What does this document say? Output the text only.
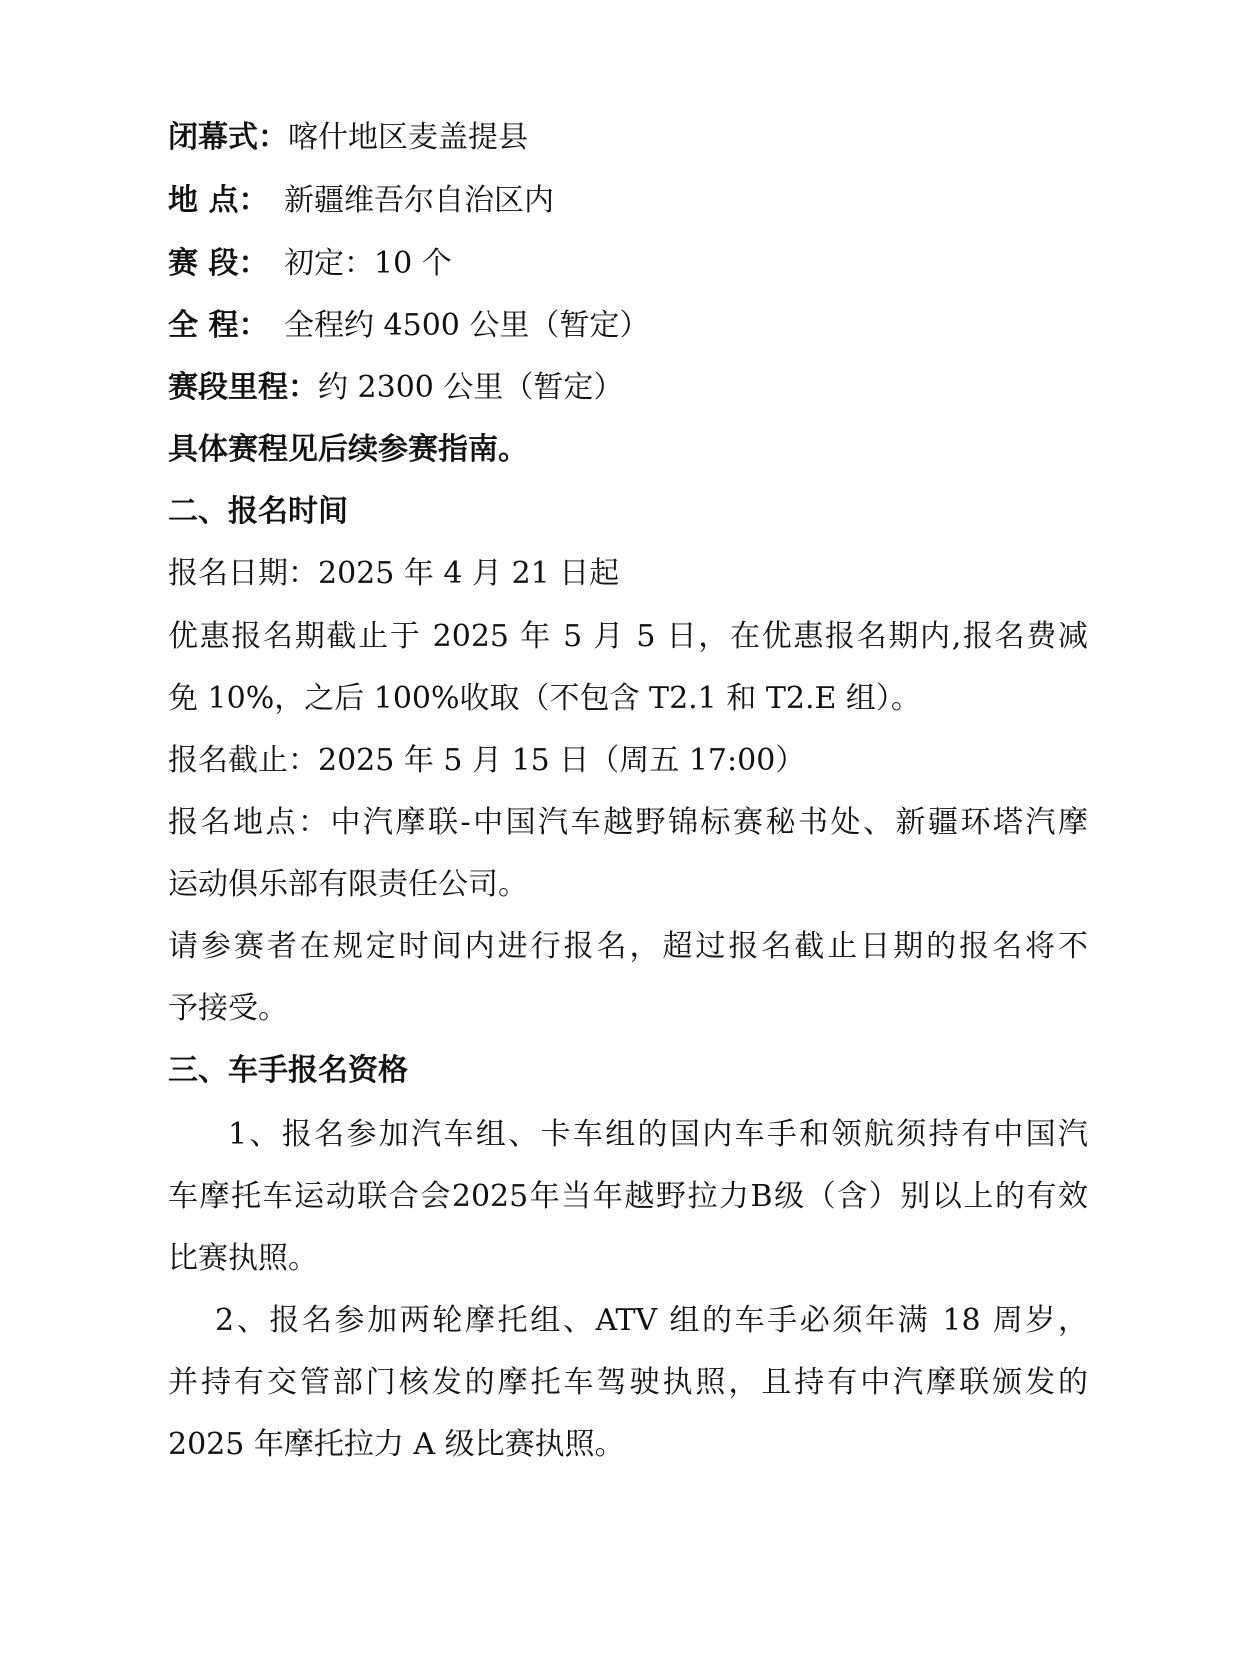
闭幕式：喀什地区麦盖提县
地 点： 新疆维吾尔自治区内
赛 段： 初定：10 个
全 程： 全程约 4500 公里（暂定）
赛段里程：约 2300 公里（暂定）
具体赛程见后续参赛指南。
二、报名时间
报名日期：2025 年 4 月 21 日起
优惠报名期截止于 2025 年 5 月 5 日，在优惠报名期内,报名费减
免 10%，之后 100%收取（不包含 T2.1 和 T2.E 组）。
报名截止：2025 年 5 月 15 日（周五 17:00）
报名地点：中汽摩联-中国汽车越野锦标赛秘书处、新疆环塔汽摩
运动俱乐部有限责任公司。
请参赛者在规定时间内进行报名，超过报名截止日期的报名将不
予接受。
三、车手报名资格
1、报名参加汽车组、卡车组的国内车手和领航须持有中国汽
车摩托车运动联合会2025年当年越野拉力B级（含）别以上的有效
比赛执照。
2、报名参加两轮摩托组、ATV 组的车手必须年满 18 周岁，
并持有交管部门核发的摩托车驾驶执照，且持有中汽摩联颁发的
2025 年摩托拉力 A 级比赛执照。
